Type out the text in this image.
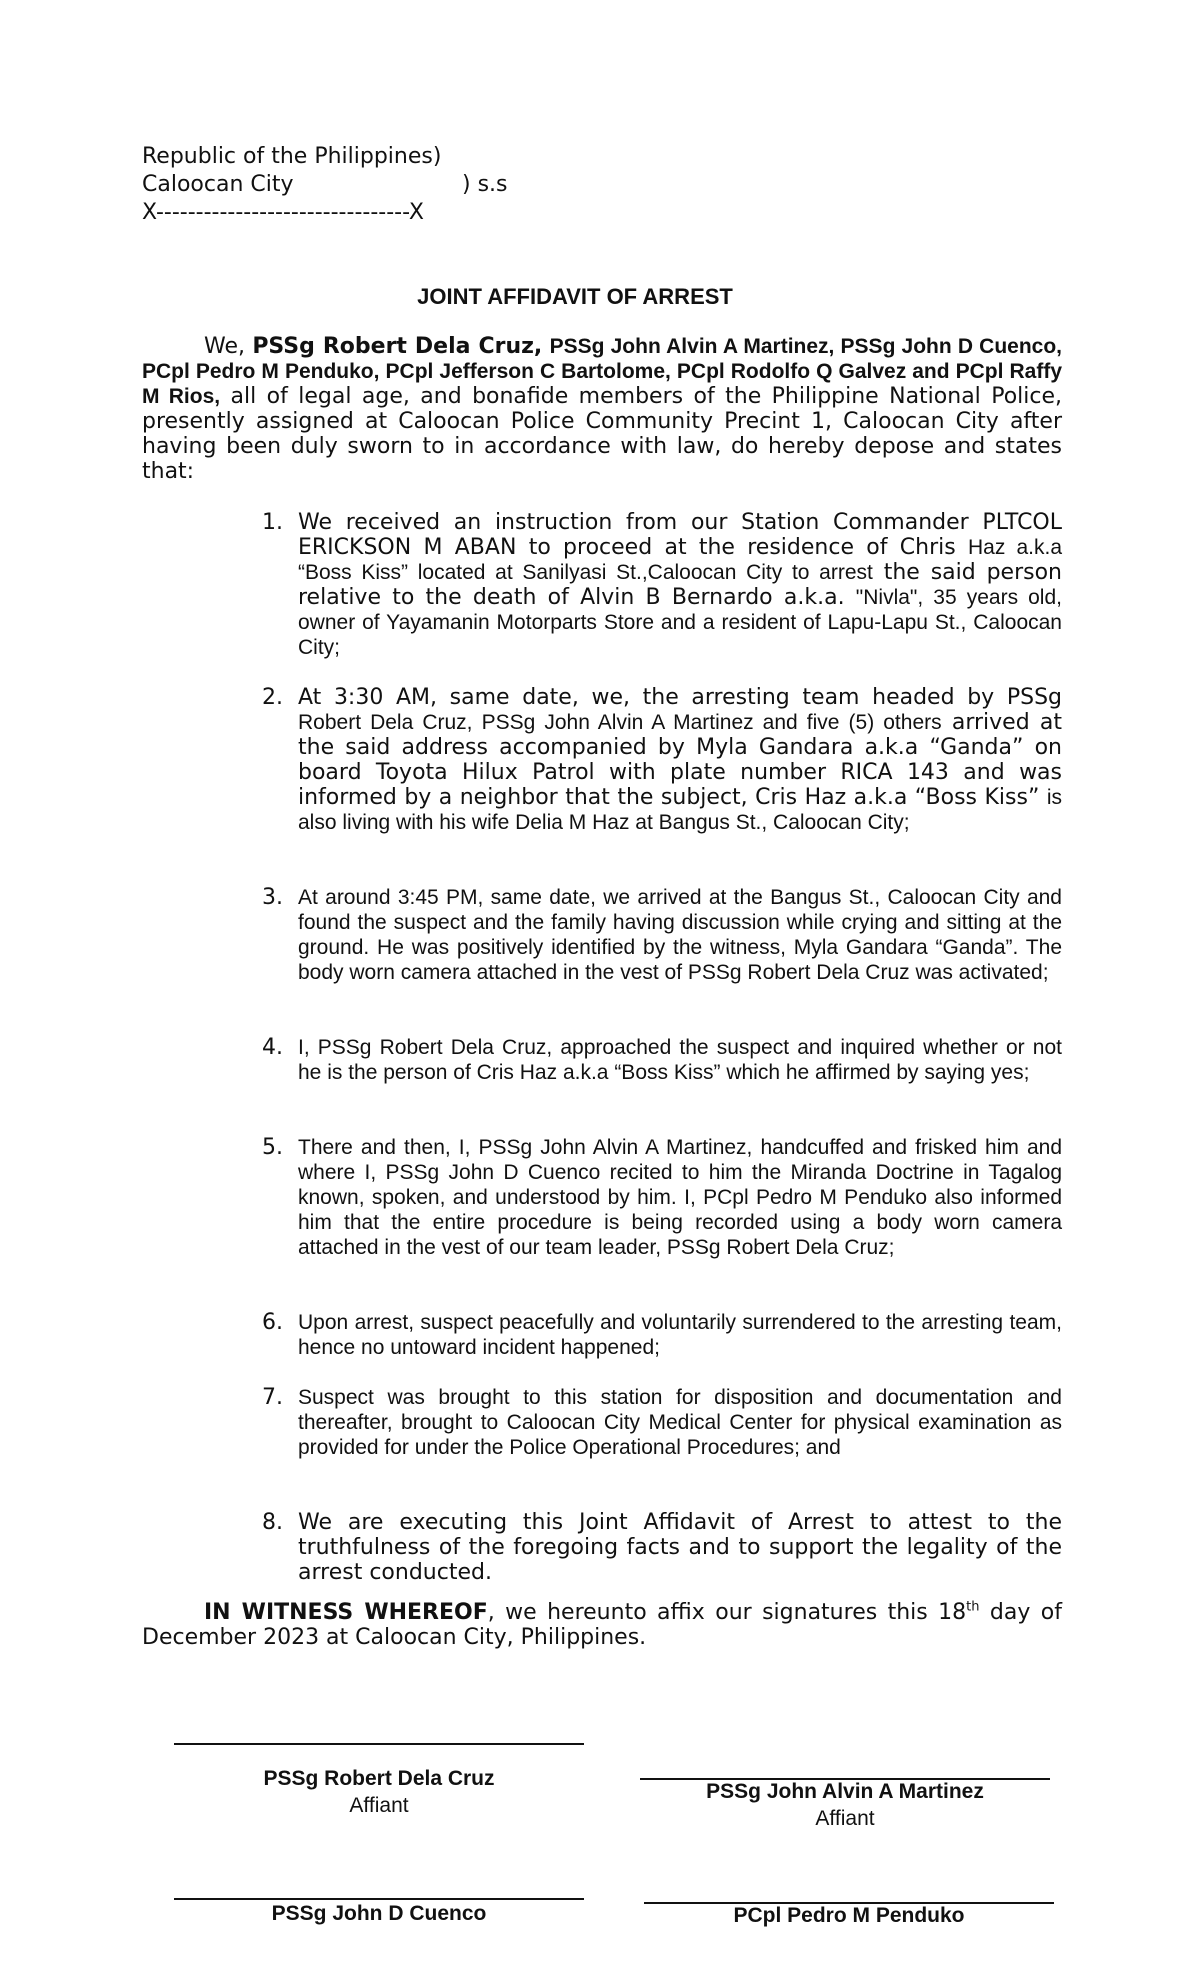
Republic of the Philippines)
Caloocan City	) s.s
X--------------------------------X
JOINT AFFIDAVIT OF ARREST

We, PSSg Robert Dela Cruz, PSSg John Alvin A Martinez, PSSg John D Cuenco, PCpl Pedro M Penduko, PCpl Jefferson C Bartolome, PCpl Rodolfo Q Galvez and PCpl Raffy M Rios, all of legal age, and bonafide members of the Philippine National Police, presently assigned at Caloocan Police Community Precint 1, Caloocan City after having been duly sworn to in accordance with law, do hereby depose and states that:

1. We received an instruction from our Station Commander PLTCOL ERICKSON M ABAN to proceed at the residence of Chris Haz a.k.a “Boss Kiss” located at Sanilyasi St.,Caloocan City to arrest the said person relative to the death of Alvin B Bernardo a.k.a. "Nivla", 35 years old, owner of Yayamanin Motorparts Store and a resident of Lapu-Lapu St., Caloocan City;

2. At 3:30 AM, same date, we, the arresting team headed by PSSg Robert Dela Cruz, PSSg John Alvin A Martinez and five (5) others arrived at the said address accompanied by Myla Gandara a.k.a “Ganda” on board Toyota Hilux Patrol with plate number RICA 143 and was informed by a neighbor that the subject, Cris Haz a.k.a “Boss Kiss” is also living with his wife Delia M Haz at Bangus St., Caloocan City;

3. At around 3:45 PM, same date, we arrived at the Bangus St., Caloocan City and found the suspect and the family having discussion while crying and sitting at the ground. He was positively identified by the witness, Myla Gandara “Ganda”. The body worn camera attached in the vest of PSSg Robert Dela Cruz was activated;

4. I, PSSg Robert Dela Cruz, approached the suspect and inquired whether or not he is the person of Cris Haz a.k.a “Boss Kiss” which he affirmed by saying yes;

5. There and then, I, PSSg John Alvin A Martinez, handcuffed and frisked him and where I, PSSg John D Cuenco recited to him the Miranda Doctrine in Tagalog known, spoken, and understood by him. I, PCpl Pedro M Penduko also informed him that the entire procedure is being recorded using a body worn camera attached in the vest of our team leader, PSSg Robert Dela Cruz;

6. Upon arrest, suspect peacefully and voluntarily surrendered to the arresting team, hence no untoward incident happened;

7. Suspect was brought to this station for disposition and documentation and thereafter, brought to Caloocan City Medical Center for physical examination as provided for under the Police Operational Procedures; and

8. We are executing this Joint Affidavit of Arrest to attest to the truthfulness of the foregoing facts and to support the legality of the arrest conducted.

IN WITNESS WHEREOF, we hereunto affix our signatures this 18th day of December 2023 at Caloocan City, Philippines.

PSSg Robert Dela Cruz
Affiant
PSSg John Alvin A Martinez
Affiant
PSSg John D Cuenco	PCpl Pedro M Penduko
